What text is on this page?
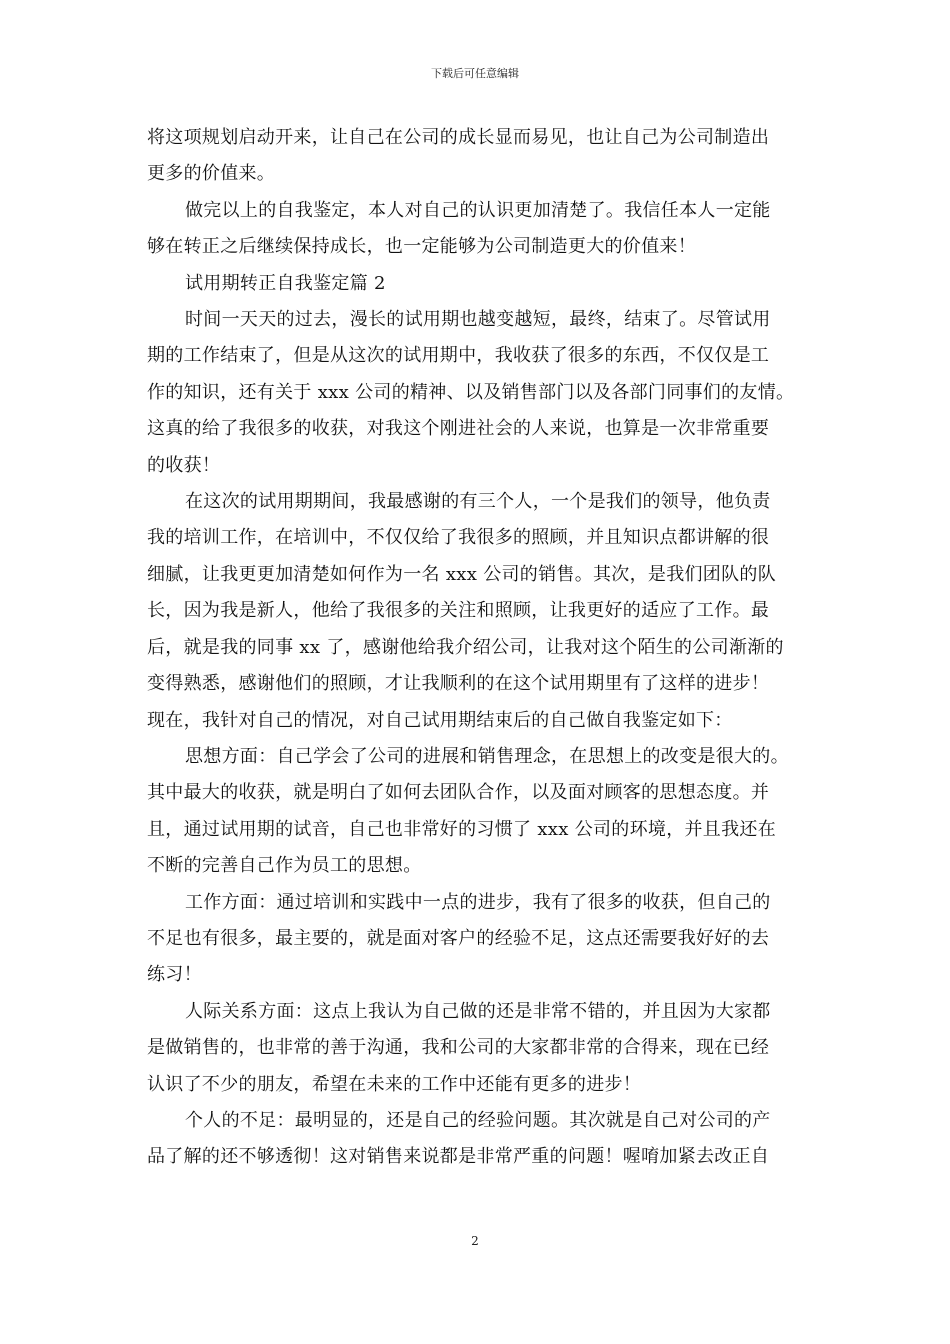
下载后可任意编辑

将这项规划启动开来，让自己在公司的成长显而易见，也让自己为公司制造出
更多的价值来。

做完以上的自我鉴定，本人对自己的认识更加清楚了。我信任本人一定能
够在转正之后继续保持成长，也一定能够为公司制造更大的价值来！

试用期转正自我鉴定篇 2

时间一天天的过去，漫长的试用期也越变越短，最终，结束了。尽管试用
期的工作结束了，但是从这次的试用期中，我收获了很多的东西，不仅仅是工
作的知识，还有关于 xxx 公司的精神、以及销售部门以及各部门同事们的友情。
这真的给了我很多的收获，对我这个刚进社会的人来说，也算是一次非常重要
的收获！

在这次的试用期期间，我最感谢的有三个人，一个是我们的领导，他负责
我的培训工作，在培训中，不仅仅给了我很多的照顾，并且知识点都讲解的很
细腻，让我更更加清楚如何作为一名 xxx 公司的销售。其次，是我们团队的队
长，因为我是新人，他给了我很多的关注和照顾，让我更好的适应了工作。最
后，就是我的同事 xx 了，感谢他给我介绍公司，让我对这个陌生的公司渐渐的
变得熟悉，感谢他们的照顾，才让我顺利的在这个试用期里有了这样的进步！
现在，我针对自己的情况，对自己试用期结束后的自己做自我鉴定如下：

思想方面：自己学会了公司的进展和销售理念，在思想上的改变是很大的。
其中最大的收获，就是明白了如何去团队合作，以及面对顾客的思想态度。并
且，通过试用期的试音，自己也非常好的习惯了 xxx 公司的环境，并且我还在
不断的完善自己作为员工的思想。

工作方面：通过培训和实践中一点的进步，我有了很多的收获，但自己的
不足也有很多，最主要的，就是面对客户的经验不足，这点还需要我好好的去
练习！

人际关系方面：这点上我认为自己做的还是非常不错的，并且因为大家都
是做销售的，也非常的善于沟通，我和公司的大家都非常的合得来，现在已经
认识了不少的朋友，希望在未来的工作中还能有更多的进步！

个人的不足：最明显的，还是自己的经验问题。其次就是自己对公司的产
品了解的还不够透彻！这对销售来说都是非常严重的问题！喔唷加紧去改正自

2
